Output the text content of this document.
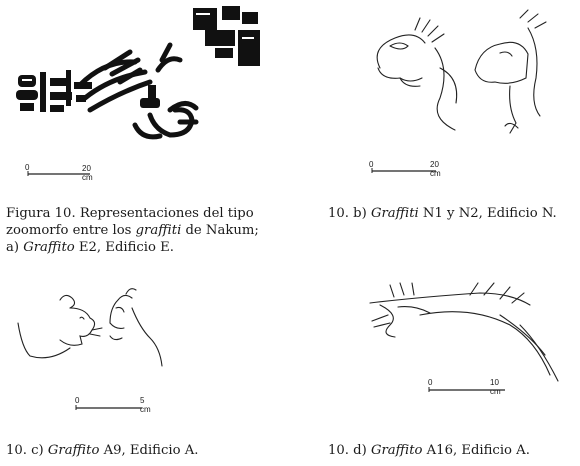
0	20 cm
Figura 10. Representaciones del tipo
zoomorfo entre los graffiti de Nakum;
a) Graffito E2, Edificio E.
0	20 cm
10. b) Graffiti N1 y N2, Edificio N.
0	5 cm
10. c) Graffito A9, Edificio A.
0	10 cm
10. d) Graffito A16, Edificio A.
